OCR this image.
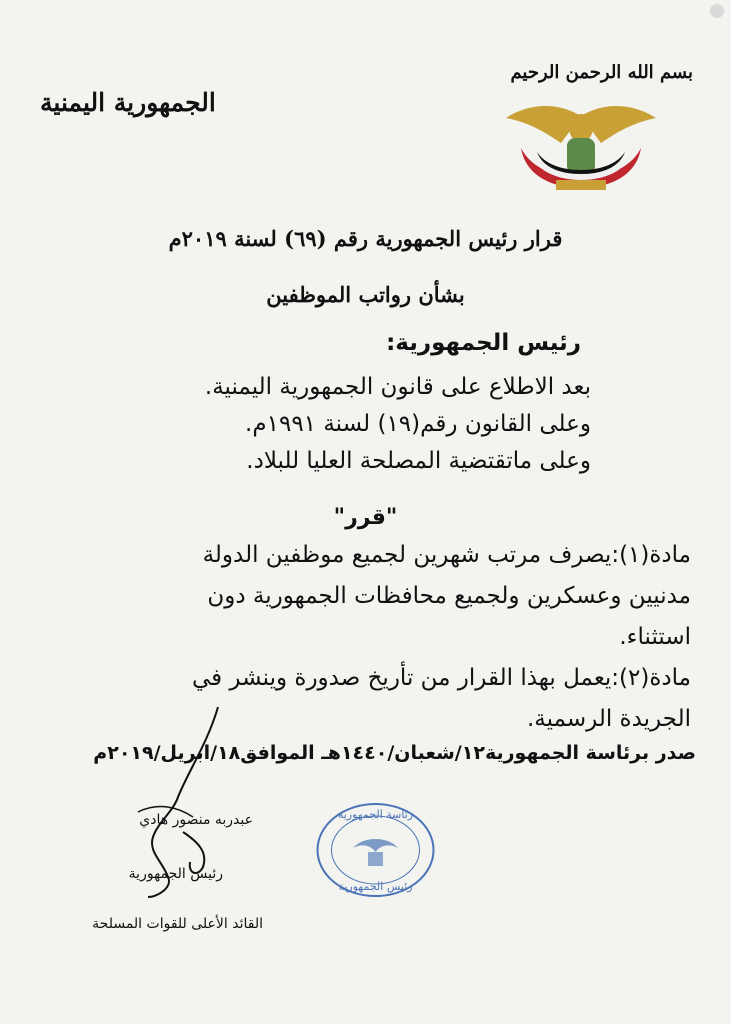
بسم الله الرحمن الرحيم
الجمهورية اليمنية
قرار رئيس الجمهورية رقم (٦٩) لسنة ٢٠١٩م
بشأن رواتب الموظفين
رئيس الجمهورية:
بعد الاطلاع على قانون الجمهورية اليمنية.
وعلى القانون رقم(١٩) لسنة ١٩٩١م.
وعلى ماتقتضية المصلحة العليا للبلاد.
"قرر"
مادة(١):يصرف مرتب شهرين لجميع موظفين الدولة
مدنيين وعسكرين ولجميع محافظات الجمهورية دون
استثناء.
مادة(٢):يعمل بهذا القرار من تأريخ صدورة وينشر في
الجريدة الرسمية.
صدر برئاسة الجمهورية١٢/شعبان/١٤٤٠هـ الموافق١٨/ابريل/٢٠١٩م
عبدربه منصور هادي
رئيس الجمهورية
القائد الأعلى للقوات المسلحة
رئاسة الجمهورية
رئيس الجمهورية
